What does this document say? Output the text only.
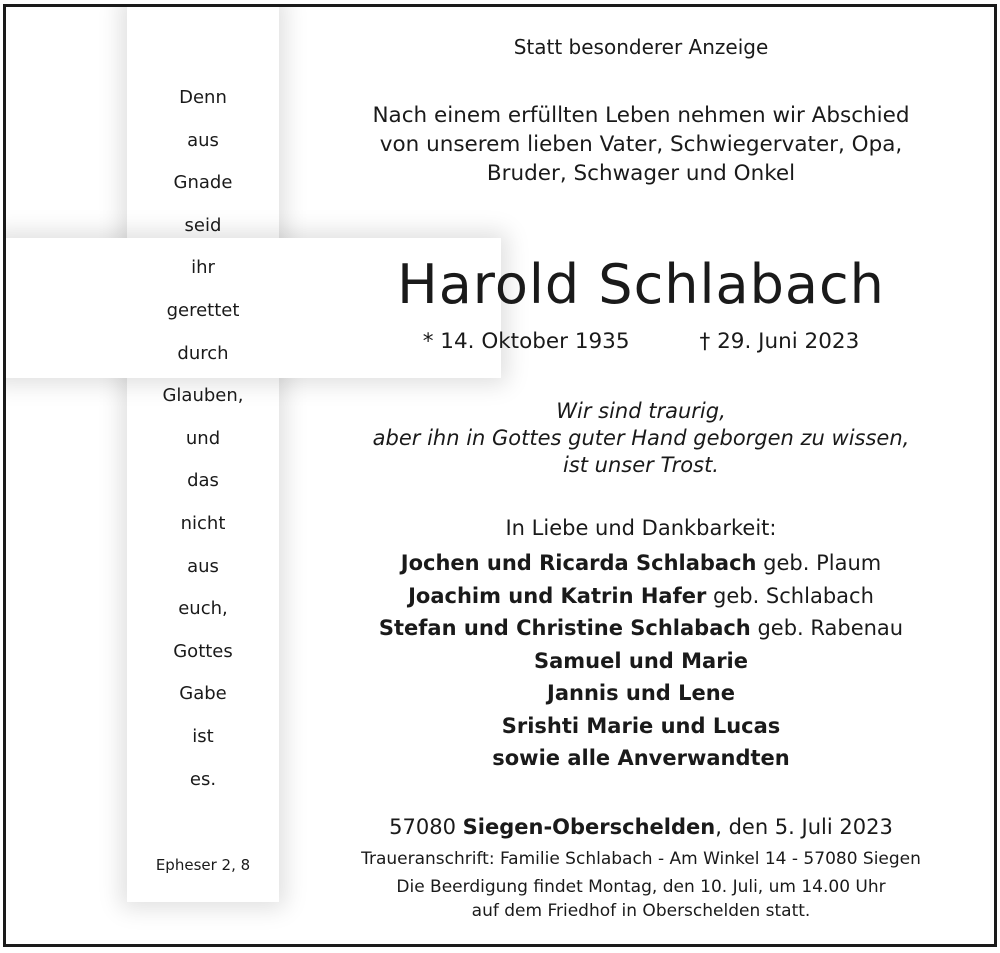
Denn
aus
Gnade
seid
ihr
gerettet
durch
Glauben,
und
das
nicht
aus
euch,
Gottes
Gabe
ist
es.
Epheser 2, 8
Statt besonderer Anzeige
Nach einem erfüllten Leben nehmen wir Abschied
von unserem lieben Vater, Schwiegervater, Opa,
Bruder, Schwager und Onkel
Harold Schlabach
* 14. Oktober 1935	† 29. Juni 2023
Wir sind traurig,
aber ihn in Gottes guter Hand geborgen zu wissen,
ist unser Trost.
In Liebe und Dankbarkeit:
Jochen und Ricarda Schlabach geb. Plaum
Joachim und Katrin Hafer geb. Schlabach
Stefan und Christine Schlabach geb. Rabenau
Samuel und Marie
Jannis und Lene
Srishti Marie und Lucas
sowie alle Anverwandten
57080 Siegen-Oberschelden, den 5. Juli 2023
Traueranschrift: Familie Schlabach - Am Winkel 14 - 57080 Siegen
Die Beerdigung findet Montag, den 10. Juli, um 14.00 Uhr
auf dem Friedhof in Oberschelden statt.
